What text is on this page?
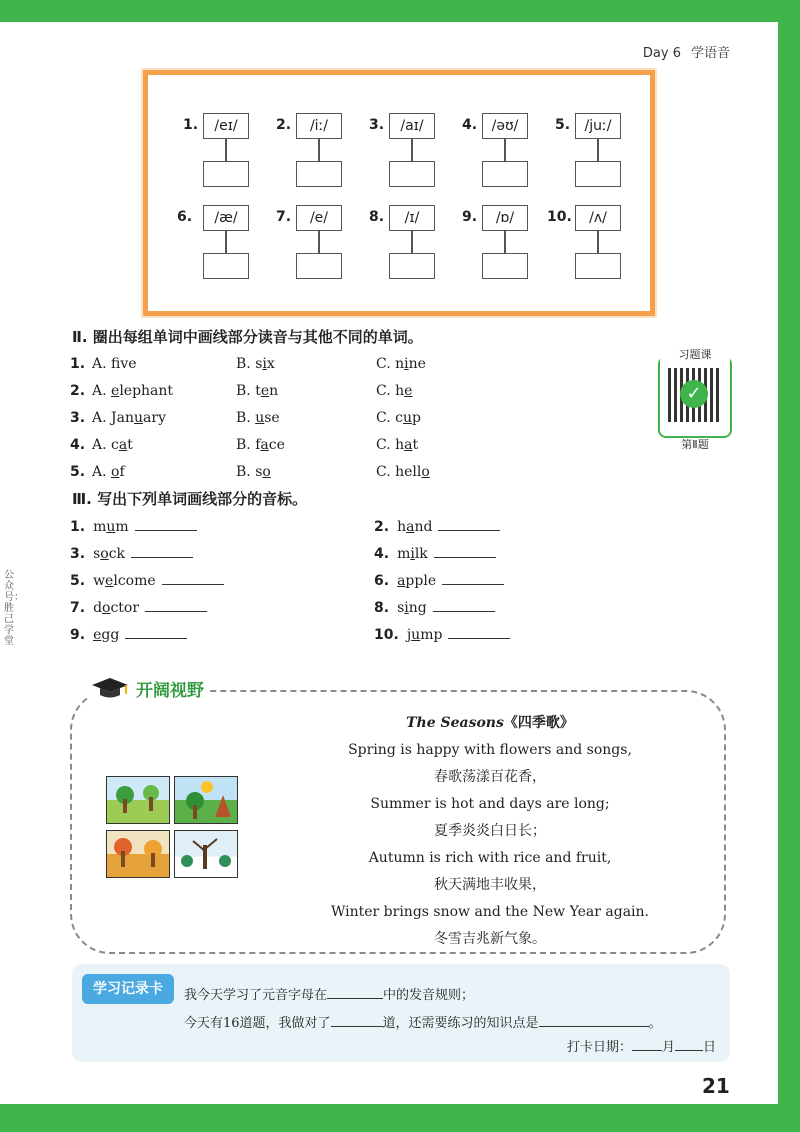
Day 6 学语音
1.	/eɪ/	2.	/iː/	3.	/aɪ/	4.	/əʊ/	5.	/juː/
6.	/æ/	7.	/e/	8.	/ɪ/	9.	/ɒ/	10.	/ʌ/
Ⅱ. 圈出每组单词中画线部分读音与其他不同的单词。
1. A. fve	B. six	C. nine
2. A. elephant	B. ten	C. he
3. A. January	B. use	C. cup
4. A. cat	B. face	C. hat
5. A. of	B. so	C. hello
习题课
✓
第Ⅱ题
Ⅲ. 写出下列单词画线部分的音标。
1. mum	2. hand
3. sock	4. milk
5. welcome	6. apple
7. doctor	8. sing
9. egg	10. jump
公众号：胜己学堂
开阔视野
The Seasons《四季歌》
Spring is happy with flowers and songs,
春歌荡漾百花香，
Summer is hot and days are long;
夏季炎炎白日长；
Autumn is rich with rice and fruit,
秋天满地丰收果，
Winter brings snow and the New Year again.
冬雪吉兆新气象。
学习记录卡	我今天学习了元音字母在	中的发音规则；
今天有16道题，我做对了	道，还需要练习的知识点是	。
打卡日期： 月 日
21
